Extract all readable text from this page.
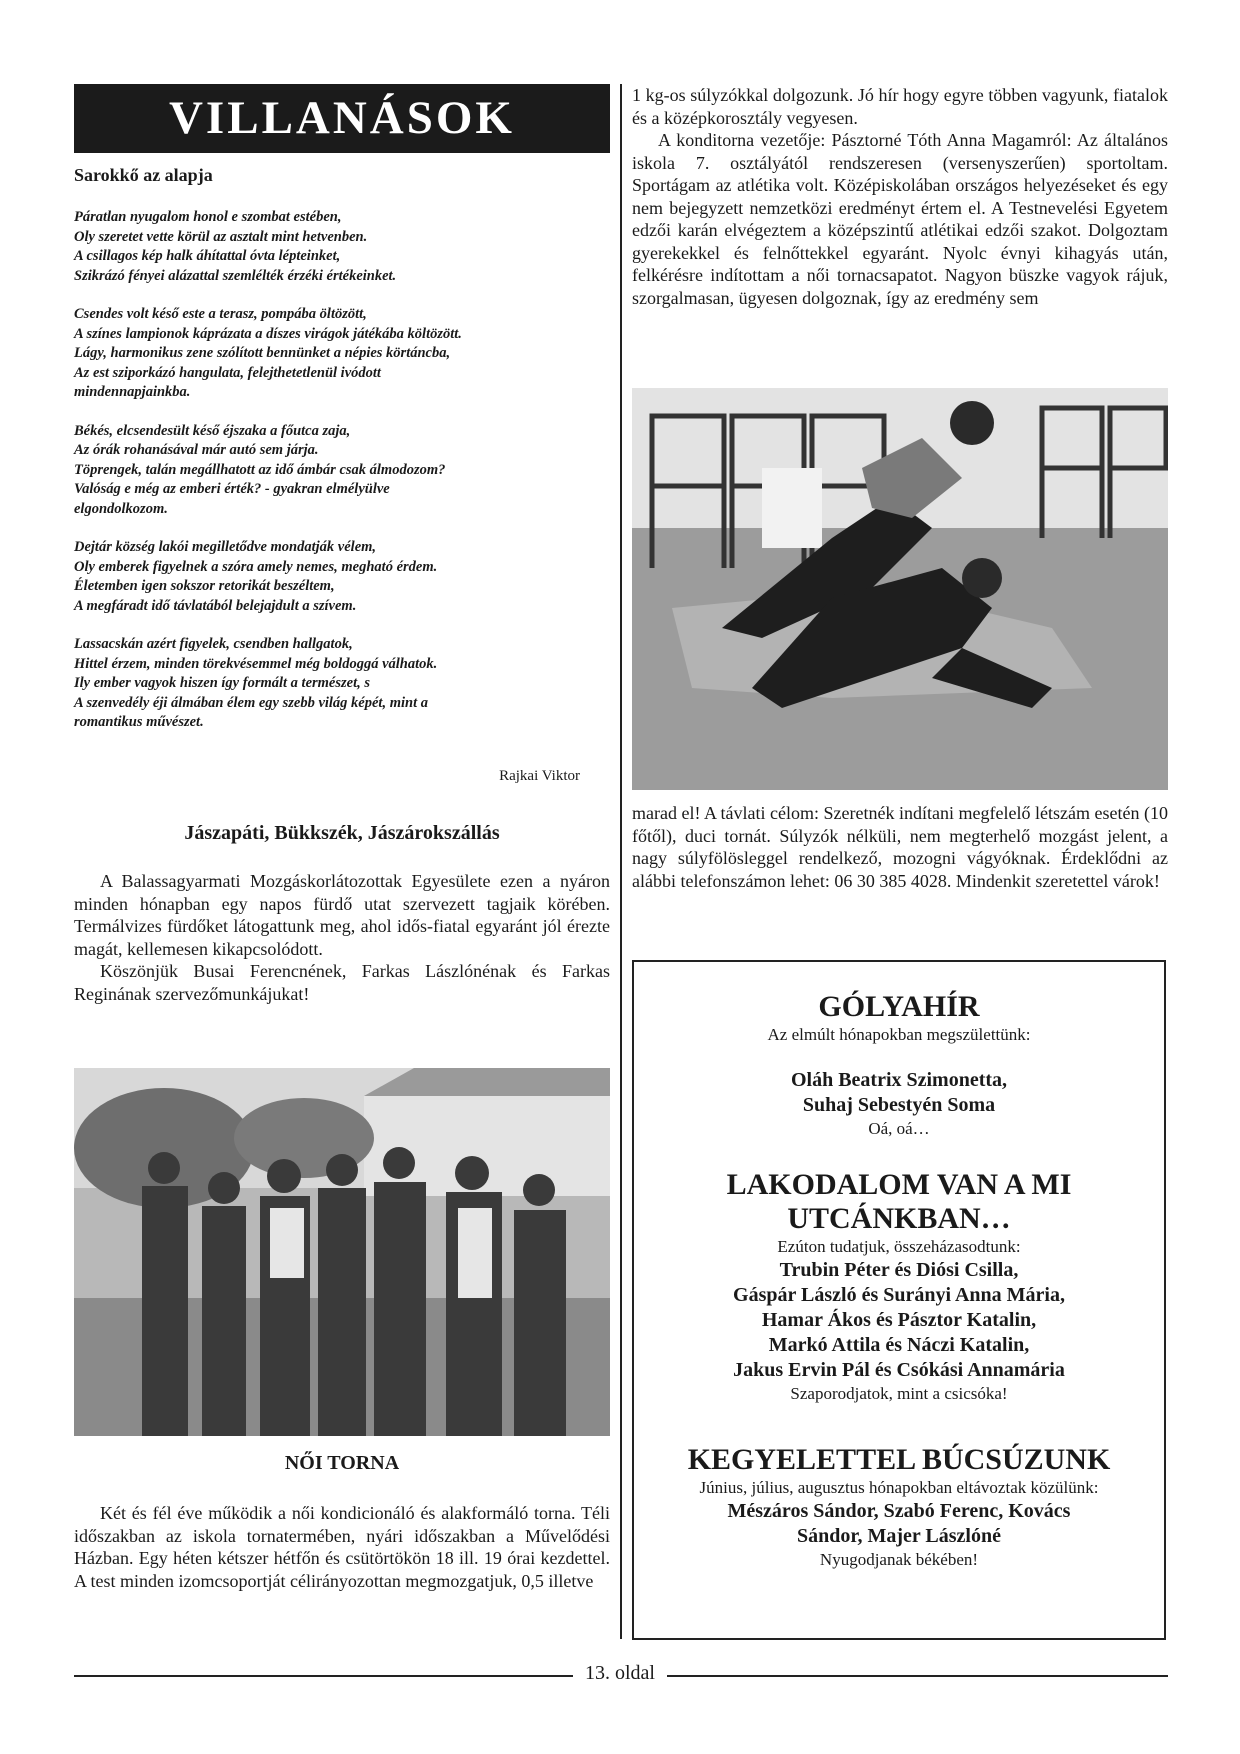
VILLANÁSOK
Sarokkő az alapja
Páratlan nyugalom honol e szombat estében,
Oly szeretet vette körül az asztalt mint hetvenben.
A csillagos kép halk áhítattal óvta lépteinket,
Szikrázó fényei alázattal szemlélték érzéki értékeinket.
Csendes volt késő este a terasz, pompába öltözött,
A színes lampionok káprázata a díszes virágok játékába költözött.
Lágy, harmonikus zene szólított bennünket a népies körtáncba,
Az est sziporkázó hangulata, felejthetetlenül ivódott
mindennapjainkba.
Békés, elcsendesült késő éjszaka a főutca zaja,
Az órák rohanásával már autó sem járja.
Töprengek, talán megállhatott az idő ámbár csak álmodozom?
Valóság e még az emberi érték? - gyakran elmélyülve
elgondolkozom.
Dejtár község lakói megilletődve mondatják vélem,
Oly emberek figyelnek a szóra amely nemes, megható érdem.
Életemben igen sokszor retorikát beszéltem,
A megfáradt idő távlatából belejajdult a szívem.
Lassacskán azért figyelek, csendben hallgatok,
Hittel érzem, minden törekvésemmel még boldoggá válhatok.
Ily ember vagyok hiszen így formált a természet, s
A szenvedély éji álmában élem egy szebb világ képét, mint a
romantikus művészet.
Rajkai Viktor
Jászapáti, Bükkszék, Jászárokszállás
A Balassagyarmati Mozgáskorlátozottak Egyesülete ezen a nyáron minden hónapban egy napos fürdő utat szervezett tagjaik körében. Termálvizes fürdőket látogattunk meg, ahol idős-fiatal egyaránt jól érezte magát, kellemesen kikapcsolódott.
Köszönjük Busai Ferencnének, Farkas Lászlónénak és Farkas Reginának szervezőmunkájukat!
NŐI TORNA
Két és fél éve működik a női kondicionáló és alakformáló torna. Téli időszakban az iskola tornatermében, nyári időszakban a Művelődési Házban. Egy héten kétszer hétfőn és csütörtökön 18 ill. 19 órai kezdettel. A test minden izomcsoportját célirányozottan megmozgatjuk, 0,5 illetve
1 kg-os súlyzókkal dolgozunk. Jó hír hogy egyre többen vagyunk, fiatalok és a középkorosztály vegyesen.
A konditorna vezetője: Pásztorné Tóth Anna Magamról: Az általános iskola 7. osztályától rendszeresen (versenyszerűen) sportoltam. Sportágam az atlétika volt. Középiskolában országos helyezéseket és egy nem bejegyzett nemzetközi eredményt értem el. A Testnevelési Egyetem edzői karán elvégeztem a középszintű atlétikai edzői szakot. Dolgoztam gyerekekkel és felnőttekkel egyaránt. Nyolc évnyi kihagyás után, felkérésre indítottam a női tornacsapatot. Nagyon büszke vagyok rájuk, szorgalmasan, ügyesen dolgoznak, így az eredmény sem
marad el! A távlati célom: Szeretnék indítani megfelelő létszám esetén (10 főtől), duci tornát. Súlyzók nélküli, nem megterhelő mozgást jelent, a nagy súlyfölösleggel rendelkező, mozogni vágyóknak. Érdeklődni az alábbi telefonszámon lehet: 06 30 385 4028. Mindenkit szeretettel várok!
GÓLYAHÍR
Az elmúlt hónapokban megszülettünk:
Oláh Beatrix Szimonetta,
Suhaj Sebestyén Soma
Oá, oá…
LAKODALOM VAN A MI UTCÁNKBAN…
Ezúton tudatjuk, összeházasodtunk:
Trubin Péter és Diósi Csilla,
Gáspár László és Surányi Anna Mária,
Hamar Ákos és Pásztor Katalin,
Markó Attila és Náczi Katalin,
Jakus Ervin Pál és Csókási Annamária
Szaporodjatok, mint a csicsóka!
KEGYELETTEL BÚCSÚZUNK
Június, július, augusztus hónapokban eltávoztak közülünk:
Mészáros Sándor, Szabó Ferenc, Kovács
Sándor, Majer Lászlóné
Nyugodjanak békében!
13. oldal
